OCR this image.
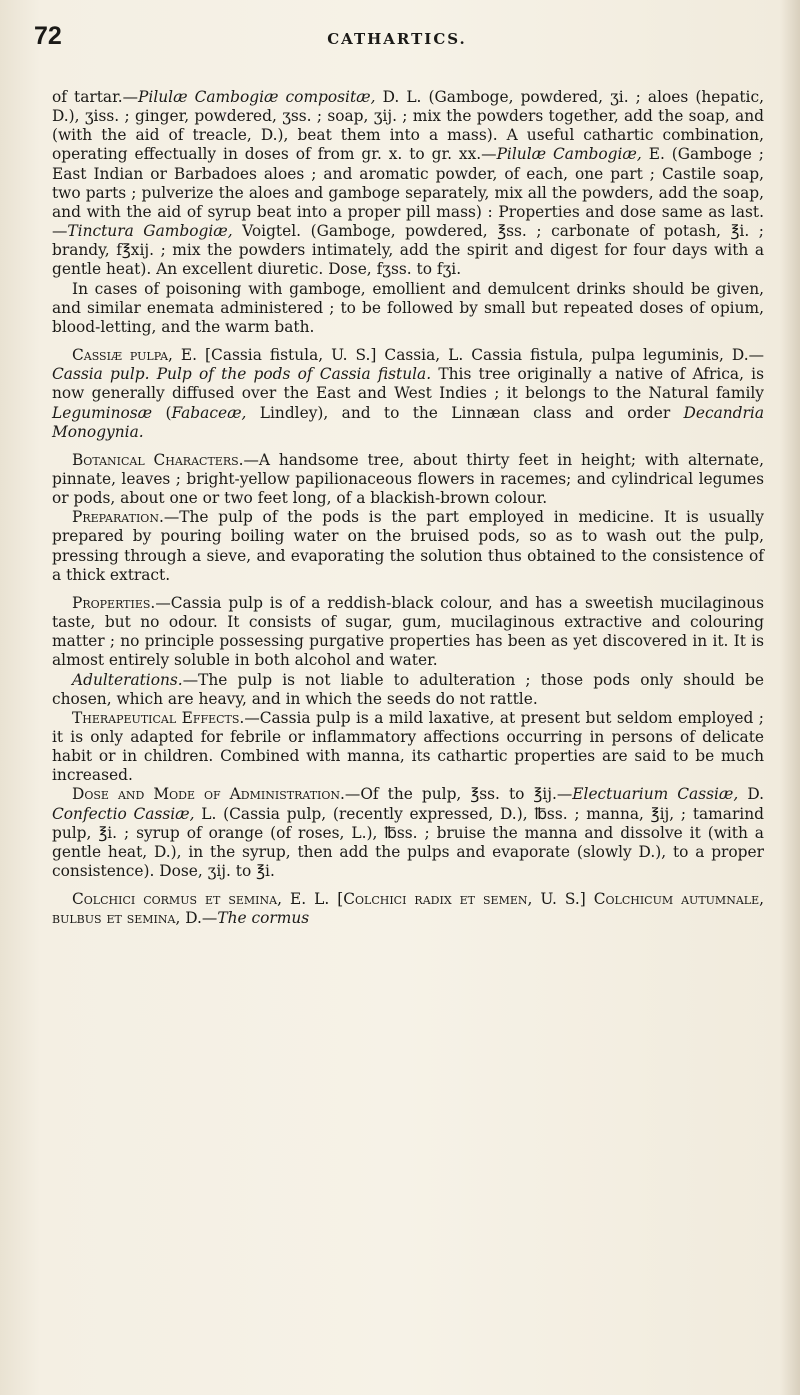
72	CATHARTICS.

of tartar.—Pilulæ Cambogiæ compositæ, D. L. (Gamboge, powdered, ʒi. ; aloes (hepatic, D.), ʒiss. ; ginger, powdered, ʒss. ; soap, ʒij. ; mix the powders together, add the soap, and (with the aid of treacle, D.), beat them into a mass). A useful cathartic combination, operating effectually in doses of from gr. x. to gr. xx.—Pilulæ Cambogiæ, E. (Gamboge ; East Indian or Barbadoes aloes ; and aromatic powder, of each, one part ; Castile soap, two parts ; pulverize the aloes and gamboge separately, mix all the powders, add the soap, and with the aid of syrup beat into a proper pill mass) : Properties and dose same as last.—Tinctura Gambogiæ, Voigtel. (Gamboge, powdered, ℥ss. ; carbonate of potash, ℥i. ; brandy, f℥xij. ; mix the powders intimately, add the spirit and digest for four days with a gentle heat). An excellent diuretic. Dose, fʒss. to fʒi.

In cases of poisoning with gamboge, emollient and demulcent drinks should be given, and similar enemata administered ; to be followed by small but repeated doses of opium, blood-letting, and the warm bath.

Cassiæ pulpa, E. [Cassia fistula, U. S.] Cassia, L. Cassia fistula, pulpa leguminis, D.—Cassia pulp. Pulp of the pods of Cassia fistula. This tree originally a native of Africa, is now generally diffused over the East and West Indies ; it belongs to the Natural family Leguminosæ (Fabaceæ, Lindley), and to the Linnæan class and order Decandria Monogynia.

Botanical Characters.—A handsome tree, about thirty feet in height; with alternate, pinnate, leaves ; bright-yellow papilionaceous flowers in racemes; and cylindrical legumes or pods, about one or two feet long, of a blackish-brown colour.

Preparation.—The pulp of the pods is the part employed in medicine. It is usually prepared by pouring boiling water on the bruised pods, so as to wash out the pulp, pressing through a sieve, and evaporating the solution thus obtained to the consistence of a thick extract.

Properties.—Cassia pulp is of a reddish-black colour, and has a sweetish mucilaginous taste, but no odour. It consists of sugar, gum, mucilaginous extractive and colouring matter ; no principle possessing purgative properties has been as yet discovered in it. It is almost entirely soluble in both alcohol and water.

Adulterations.—The pulp is not liable to adulteration ; those pods only should be chosen, which are heavy, and in which the seeds do not rattle.

Therapeutical Effects.—Cassia pulp is a mild laxative, at present but seldom employed ; it is only adapted for febrile or inflammatory affections occurring in persons of delicate habit or in children. Combined with manna, its cathartic properties are said to be much increased.

Dose and Mode of Administration.—Of the pulp, ℥ss. to ℥ij.—Electuarium Cassiæ, D. Confectio Cassiæ, L. (Cassia pulp, (recently expressed, D.), ℔ss. ; manna, ℥ij, ; tamarind pulp, ℥i. ; syrup of orange (of roses, L.), ℔ss. ; bruise the manna and dissolve it (with a gentle heat, D.), in the syrup, then add the pulps and evaporate (slowly D.), to a proper consistence). Dose, ʒij. to ℥i.

Colchici cormus et semina, E. L. [Colchici radix et semen, U. S.] Colchicum autumnale, bulbus et semina, D.—The cormus
